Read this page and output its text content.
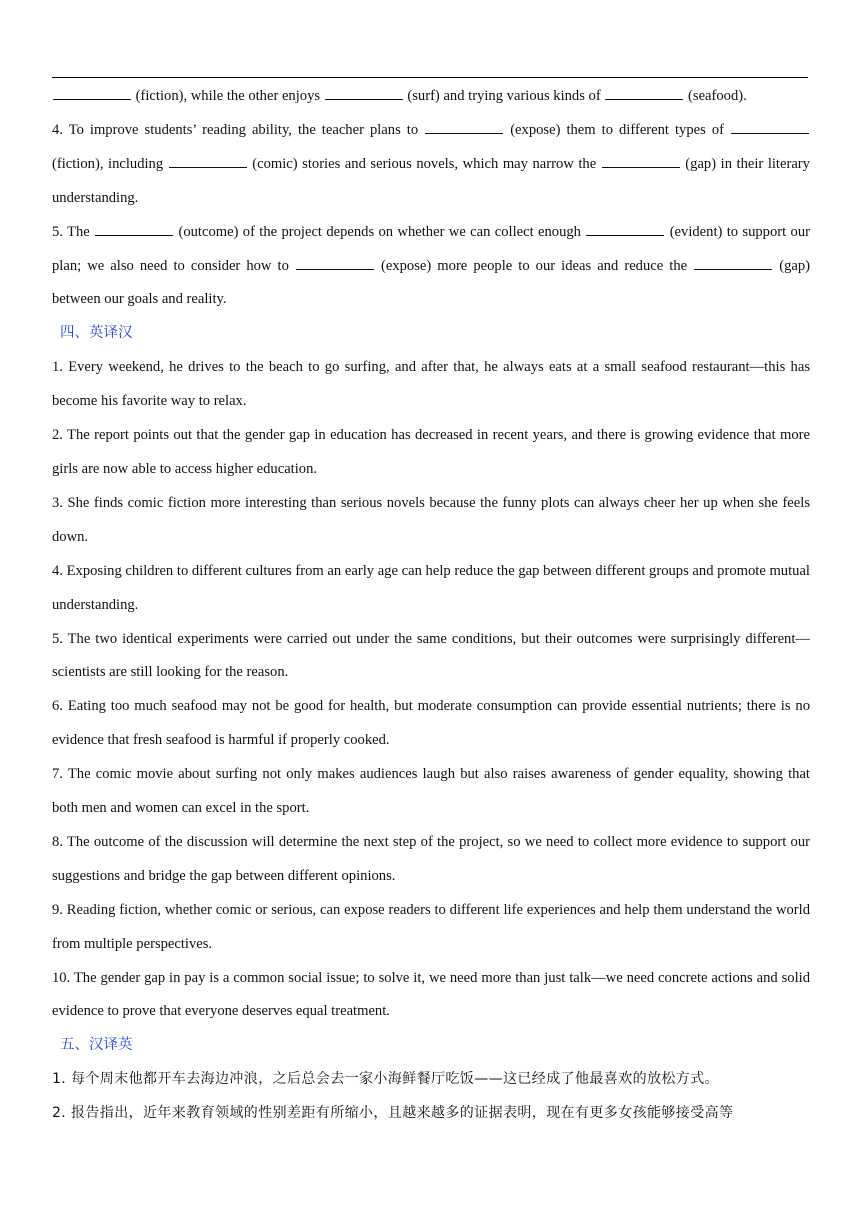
(fiction), while the other enjoys	(surf) and trying various kinds of	(seafood).

4. To improve students’ reading ability, the teacher plans to	(expose) them to different types of  (fiction), including	(comic) stories and serious novels, which may narrow the	(gap) in their literary understanding.

5. The	(outcome) of the project depends on whether we can collect enough	(evident) to support our plan; we also need to consider how to	(expose) more people to our ideas and reduce the	(gap) between our goals and reality.

四、英译汉

1. Every weekend, he drives to the beach to go surfing, and after that, he always eats at a small seafood restaurant—this has become his favorite way to relax.

2. The report points out that the gender gap in education has decreased in recent years, and there is growing evidence that more girls are now able to access higher education.

3. She finds comic fiction more interesting than serious novels because the funny plots can always cheer her up when she feels down.

4. Exposing children to different cultures from an early age can help reduce the gap between different groups and promote mutual understanding.

5. The two identical experiments were carried out under the same conditions, but their outcomes were surprisingly different—scientists are still looking for the reason.

6. Eating too much seafood may not be good for health, but moderate consumption can provide essential nutrients; there is no evidence that fresh seafood is harmful if properly cooked.

7. The comic movie about surfing not only makes audiences laugh but also raises awareness of gender equality, showing that both men and women can excel in the sport.

8. The outcome of the discussion will determine the next step of the project, so we need to collect more evidence to support our suggestions and bridge the gap between different opinions.

9. Reading fiction, whether comic or serious, can expose readers to different life experiences and help them understand the world from multiple perspectives.

10. The gender gap in pay is a common social issue; to solve it, we need more than just talk—we need concrete actions and solid evidence to prove that everyone deserves equal treatment.

五、汉译英

1. 每个周末他都开车去海边冲浪，之后总会去一家小海鲜餐厅吃饭——这已经成了他最喜欢的放松方式。

2. 报告指出，近年来教育领域的性别差距有所缩小，且越来越多的证据表明，现在有更多女孩能够接受高等
